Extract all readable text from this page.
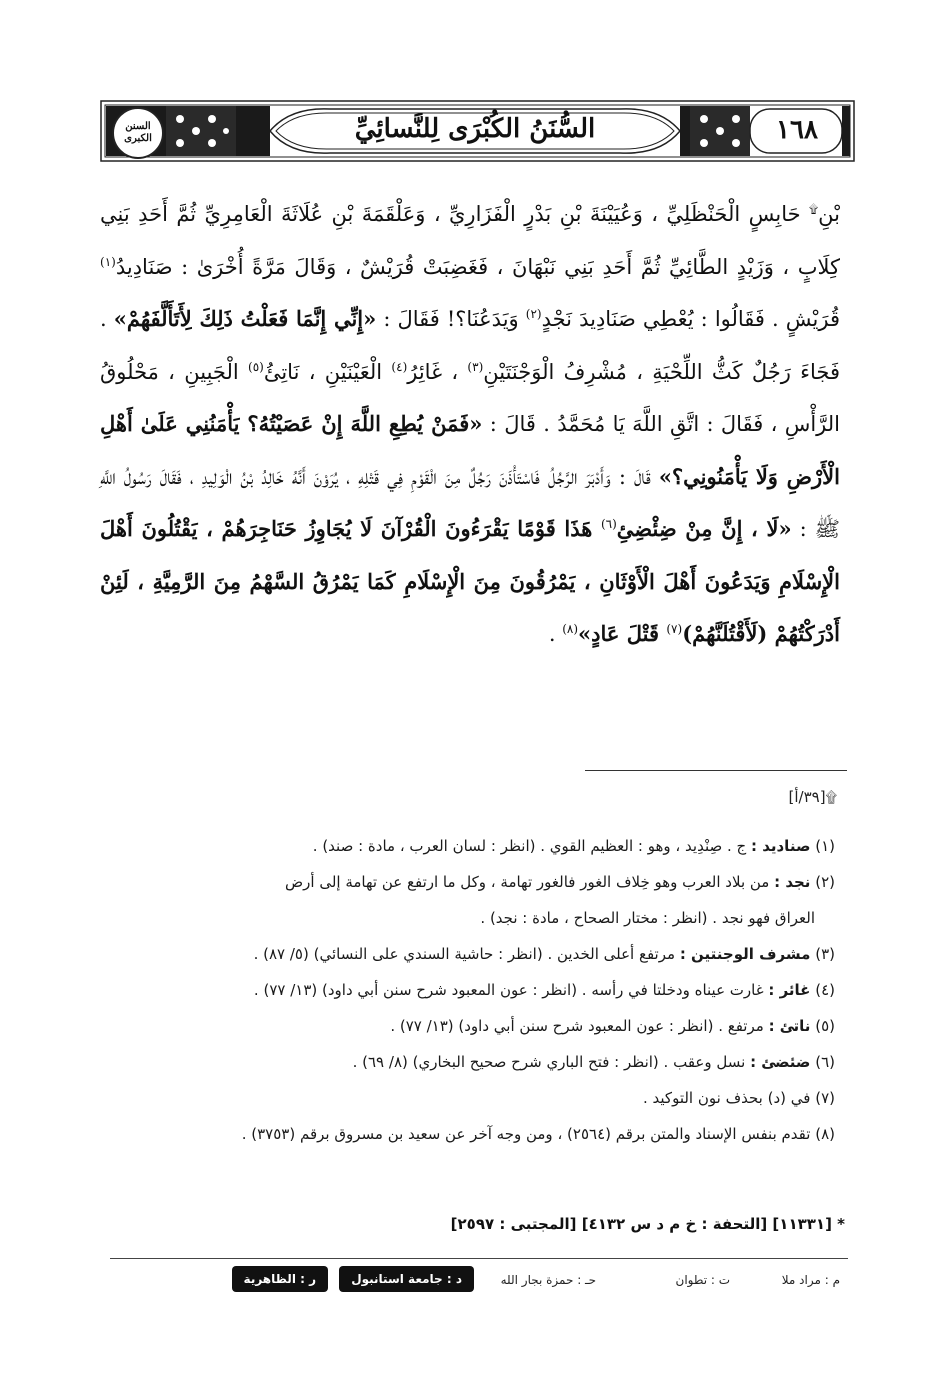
السنن الكبرى	السُّنَنُ الكُبْرَى لِلنَّسائِيِّ	١٦٨

بْنِ۩ حَابِسٍ الْحَنْظَلِيِّ ، وَعُيَيْنَةَ بْنِ بَدْرٍ الْفَزَارِيِّ ، وَعَلْقَمَةَ بْنِ عُلَاثَةَ الْعَامِرِيِّ ثُمَّ أَحَدِ بَنِي كِلَابٍ ، وَزَيْدٍ الطَّائِيِّ ثُمَّ أَحَدِ بَنِي نَبْهَانَ ، فَغَضِبَتْ قُرَيْشٌ ، وَقَالَ مَرَّةً أُخْرَىٰ : صَنَادِيدُ$^{(١)}$ قُرَيْشٍ . فَقَالُوا : يُعْطِي صَنَادِيدَ نَجْدٍ$^{(٢)}$ وَيَدَعُنَا؟! فَقَالَ : «إِنِّي إِنَّمَا فَعَلْتُ ذَلِكَ لِأَتَأَلَّفَهُمْ» . فَجَاءَ رَجُلٌ كَثُّ اللِّحْيَةِ ، مُشْرِفُ الْوَجْنَتَيْنِ$^{(٣)}$ ، غَائِرُ$^{(٤)}$ الْعَيْنَيْنِ ، نَاتِئُ$^{(٥)}$ الْجَبِينِ ، مَحْلُوقُ الرَّأْسِ ، فَقَالَ : اتَّقِ اللَّهَ يَا مُحَمَّدُ . قَالَ : «فَمَنْ يُطِعِ اللَّهَ إِنْ عَصَيْتُهُ؟ يَأْمَنُنِي عَلَىٰ أَهْلِ الْأَرْضِ وَلَا يَأْمَنُونِي؟» قَالَ : وَأَدْبَرَ الرَّجُلُ فَاسْتَأْذَنَ رَجُلٌ مِنَ الْقَوْمِ فِي قَتْلِهِ ، يُرَوْنَ أَنَّهُ خَالِدُ بْنُ الْوَلِيدِ ، فَقَالَ رَسُولُ اللَّهِ ﷺ : «لَا ، إِنَّ مِنْ ضِئْضِئِ$^{(٦)}$ هَذَا قَوْمًا يَقْرَءُونَ الْقُرْآنَ لَا يُجَاوِزُ حَنَاجِرَهُمْ ، يَقْتُلُونَ أَهْلَ الْإِسْلَامِ وَيَدَعُونَ أَهْلَ الْأَوْثَانِ ، يَمْرُقُونَ مِنَ الْإِسْلَامِ كَمَا يَمْرُقُ السَّهْمُ مِنَ الرَّمِيَّةِ ، لَئِنْ أَدْرَكْتُهُمْ (لَأَقْتُلَنَّهُمْ)$^{(٧)}$ قَتْلَ عَادٍ»$^{(٨)}$ .

۩[٣٩/أ]

(١) صناديد : ج . صِنْدِيد ، وهو : العظيم القوي . (انظر : لسان العرب ، مادة : صند) .

(٢) نجد : من بلاد العرب وهو خِلاف الغور فالغور تهامة ، وكل ما ارتفع عن تهامة إلى أرض

العراق فهو نجد . (انظر : مختار الصحاح ، مادة : نجد) .

(٣) مشرف الوجنتين : مرتفع أعلى الخدين . (انظر : حاشية السندي على النسائي) (٥/ ٨٧) .

(٤) غائر : غارت عيناه ودخلتا في رأسه . (انظر : عون المعبود شرح سنن أبي داود) (١٣/ ٧٧) .

(٥) ناتئ : مرتفع . (انظر : عون المعبود شرح سنن أبي داود) (١٣/ ٧٧) .

(٦) ضئضئ : نسل وعقب . (انظر : فتح الباري شرح صحيح البخاري) (٨/ ٦٩) .

(٧) في (د) بحذف نون التوكيد .

(٨) تقدم بنفس الإسناد والمتن برقم (٢٥٦٤) ، ومن وجه آخر عن سعيد بن مسروق برقم (٣٧٥٣) .

* [١١٣٣١] [التحفة : خ م د س ٤١٣٢] [المجتبى : ٢٥٩٧]
م : مراد ملا
ت : تطوان
حـ : حمزة بجار الله
د : جامعة استانبول
ر : الظاهرية
